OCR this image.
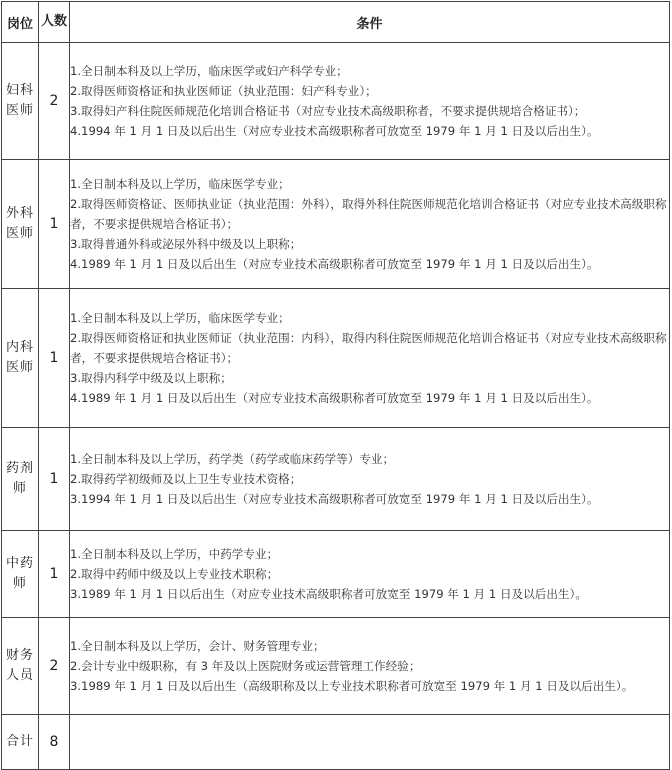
岗位	人数	条件
妇科医师	2	1.全日制本科及以上学历，临床医学或妇产科学专业；
2.取得医师资格证和执业医师证（执业范围：妇产科专业）；
3.取得妇产科住院医师规范化培训合格证书（对应专业技术高级职称者，不要求提供规培合格证书）；
4.1994 年 1 月 1 日及以后出生（对应专业技术高级职称者可放宽至 1979 年 1 月 1 日及以后出生）。

外科医师	1	1.全日制本科及以上学历，临床医学专业；
2.取得医师资格证、医师执业证（执业范围：外科），取得外科住院医师规范化培训合格证书（对应专业技术高级职称者，不要求提供规培合格证书）；
3.取得普通外科或泌尿外科中级及以上职称；
4.1989 年 1 月 1 日及以后出生（对应专业技术高级职称者可放宽至 1979 年 1 月 1 日及以后出生）。

内科医师	1	1.全日制本科及以上学历，临床医学专业；
2.取得医师资格证和执业医师证（执业范围：内科），取得内科住院医师规范化培训合格证书（对应专业技术高级职称者，不要求提供规培合格证书）；
3.取得内科学中级及以上职称；
4.1989 年 1 月 1 日及以后出生（对应专业技术高级职称者可放宽至 1979 年 1 月 1 日及以后出生）。

药剂师	1	1.全日制本科及以上学历，药学类（药学或临床药学等）专业；
2.取得药学初级师及以上卫生专业技术资格；
3.1994 年 1 月 1 日及以后出生（对应专业技术高级职称者可放宽至 1979 年 1 月 1 日及以后出生）。

中药师	1	1.全日制本科及以上学历，中药学专业；
2.取得中药师中级及以上专业技术职称；
3.1989 年 1 月 1 日以后出生（对应专业技术高级职称者可放宽至 1979 年 1 月 1 日及以后出生）。

财务人员	2	1.全日制本科及以上学历，会计、财务管理专业；
2.会计专业中级职称，有 3 年及以上医院财务或运营管理工作经验；
3.1989 年 1 月 1 日及以后出生（高级职称及以上专业技术职称者可放宽至 1979 年 1 月 1 日及以后出生）。

合计	8	
